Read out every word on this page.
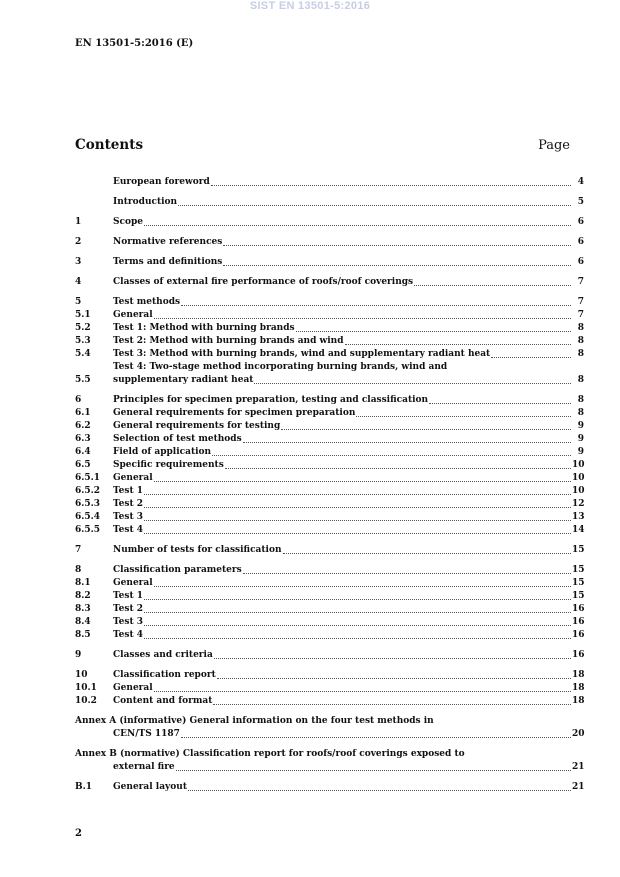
SIST EN 13501-5:2016
EN 13501-5:2016 (E)
Contents	Page
European foreword	4
Introduction	5
1	Scope	6
2	Normative references	6
3	Terms and definitions	6
4	Classes of external fire performance of roofs/roof coverings	7
5	Test methods	7
5.1	General	7
5.2	Test 1: Method with burning brands	8
5.3	Test 2: Method with burning brands and wind	8
5.4	Test 3: Method with burning brands, wind and supplementary radiant heat	8
5.5
Test 4: Two-stage method incorporating burning brands, wind and
supplementary radiant heat	8
6	Principles for specimen preparation, testing and classification	8
6.1	General requirements for specimen preparation	8
6.2	General requirements for testing	9
6.3	Selection of test methods	9
6.4	Field of application	9
6.5	Specific requirements	10
6.5.1	General	10
6.5.2	Test 1	10
6.5.3	Test 2	12
6.5.4	Test 3	13
6.5.5	Test 4	14
7	Number of tests for classification	15
8	Classification parameters	15
8.1	General	15
8.2	Test 1	15
8.3	Test 2	16
8.4	Test 3	16
8.5	Test 4	16
9	Classes and criteria	16
10	Classification report	18
10.1	General	18
10.2	Content and format	18
Annex A (informative) General information on the four test methods in
CEN/TS 1187	20
Annex B (normative) Classification report for roofs/roof coverings exposed to
external fire	21
B.1	General layout	21
2
